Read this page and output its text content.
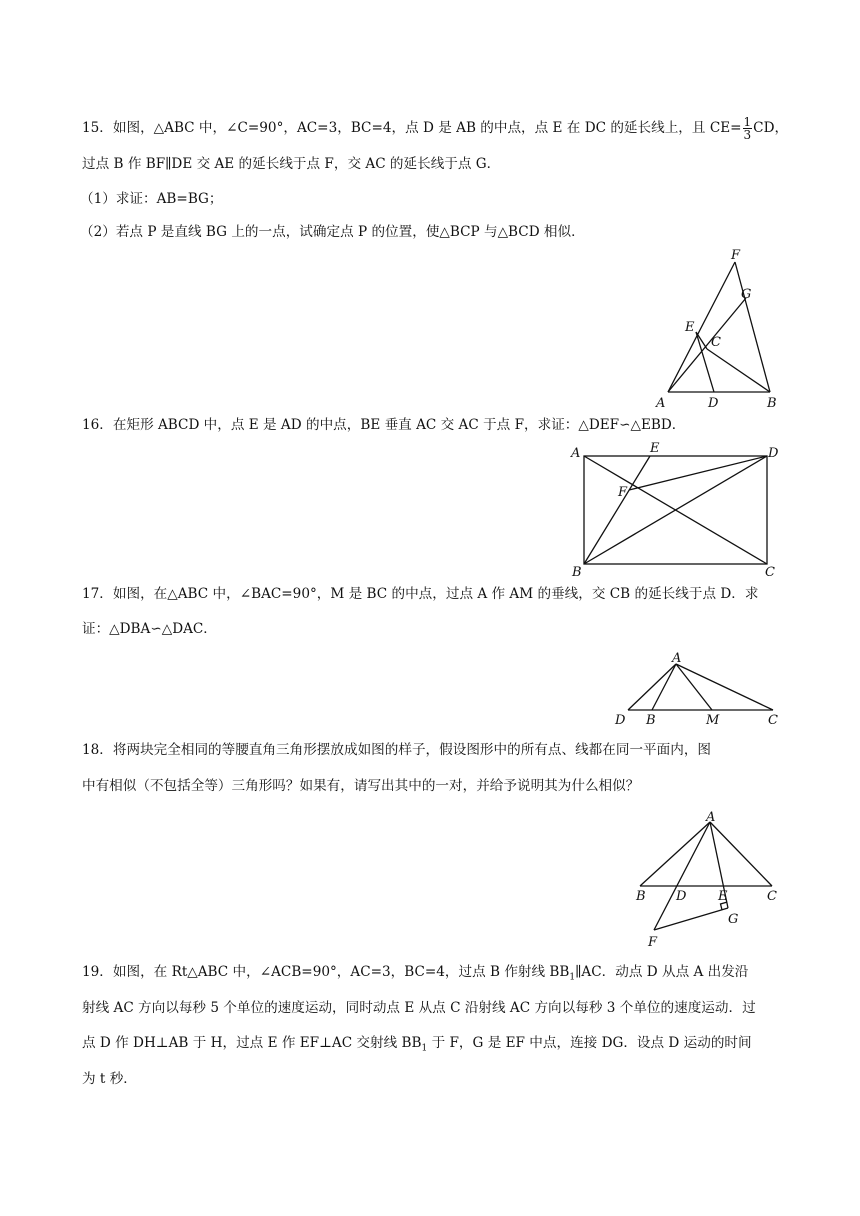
15．如图，△ABC 中，∠C=90°，AC=3，BC=4，点 D 是 AB 的中点，点 E 在 DC 的延长线上，且 $CE= \frac{1}{3}$ CD，
过点 B 作 BF∥DE 交 AE 的延长线于点 F，交 AC 的延长线于点 G．
（1）求证：AB=BG；
（2）若点 P 是直线 BG 上的一点，试确定点 P 的位置，使△BCP 与△BCD 相似．
F
G
E
C
A	D	B
16．在矩形 ABCD 中，点 E 是 AD 的中点，BE 垂直 AC 交 AC 于点 F，求证：△DEF∽△EBD．
A	E	D
F
B	C
17．如图，在△ABC 中，∠BAC=90°，M 是 BC 的中点，过点 A 作 AM 的垂线，交 CB 的延长线于点 D．求
证：△DBA∽△DAC．
A
D B	M	C
18．将两块完全相同的等腰直角三角形摆放成如图的样子，假设图形中的所有点、线都在同一平面内，图
中有相似（不包括全等）三角形吗？如果有，请写出其中的一对，并给予说明其为什么相似？
A
B D E	C
G
F
19．如图，在 Rt△ABC 中，∠ACB=90°，AC=3，BC=4，过点 B 作射线 $BB_1\parallel AC$．动点 D 从点 A 出发沿
射线 AC 方向以每秒 5 个单位的速度运动，同时动点 E 从点 C 沿射线 AC 方向以每秒 3 个单位的速度运动．过
点 D 作 DH⊥AB 于 H，过点 E 作 EF⊥AC 交射线 $BB_1$ 于 F，G 是 EF 中点，连接 DG．设点 D 运动的时间
为 t 秒．
